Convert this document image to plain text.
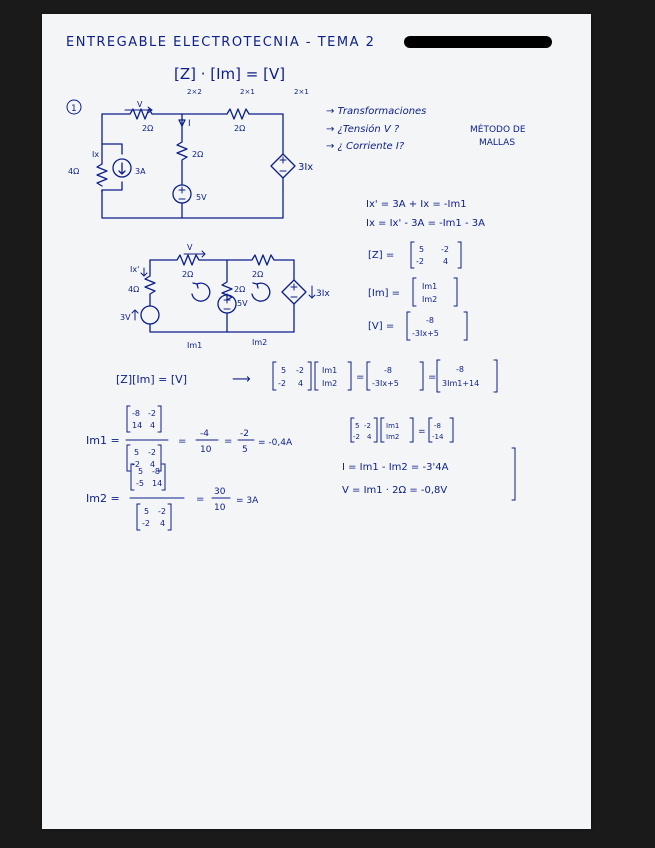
ENTREGABLE ELECTROTECNIA - TEMA 2
[Z] · [Im] = [V]
2×2	2×1	2×1
1	V
I
Ix
2Ω	2Ω
2Ω
4Ω	3A
5V
3Ix
→ Transformaciones
→ ¿Tensión V ?
→ ¿ Corriente I?
MÉTODO DE
MALLAS
Ix' = 3A + Ix = -Im1
Ix = Ix' - 3A = -Im1 - 3A
[Z] =
5 -2
-2 4
[Im] =
Im1
Im2
[V] =
-8
-3Ix+5
V
Ix'
4Ω
2Ω	2Ω
2Ω
3V
5V
3Ix
Im1	Im2
[Z][Im] = [V]	⟶
5 -2
-2 4
Im1
Im2
=
-8
-3Ix+5
=
-8
3Im1+14
Im1 =
-8 -2
14 4
5 -2
-2 4
=
-4
10
=
-2
5
= -0,4A
5 -2
-2 4
Im1
Im2 =
-8
-14
Im2 =
5 -8
-5 14
5 -2
-2 4
=
30
10
= 3A
I = Im1 - Im2 = -3'4A
V = Im1 · 2Ω = -0,8V
